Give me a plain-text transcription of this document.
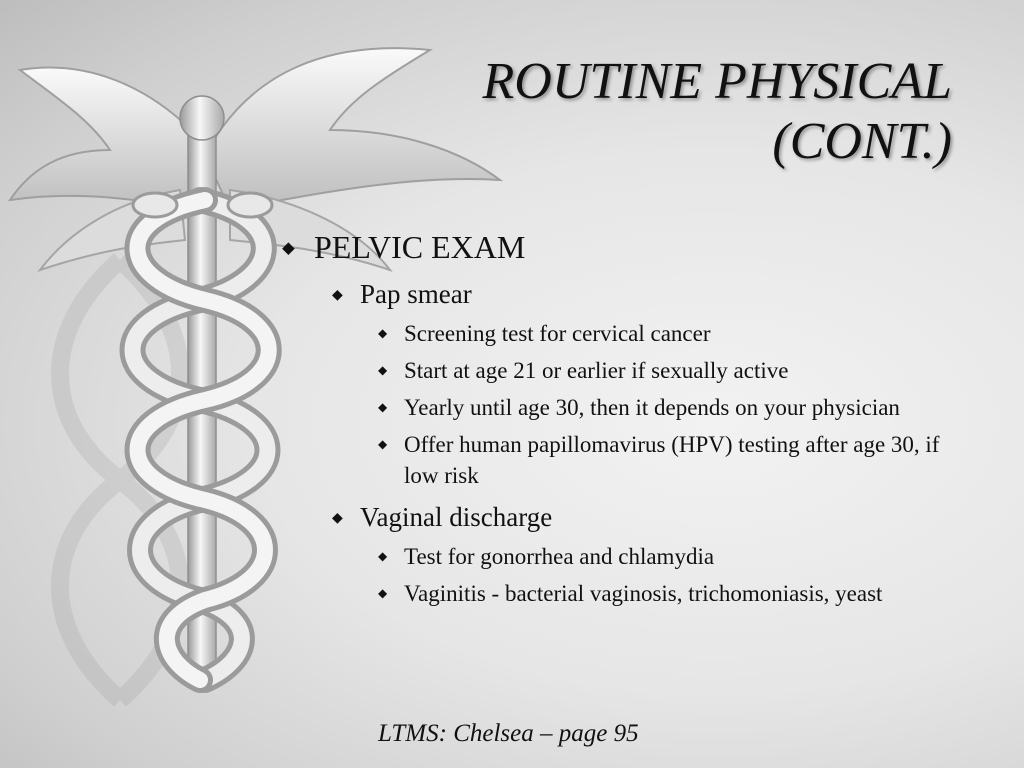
ROUTINE PHYSICAL
(CONT.)
◆ PELVIC EXAM
◆ Pap smear
◆ Screening test for cervical cancer
◆ Start at age 21 or earlier if sexually active
◆ Yearly until age 30, then it depends on your physician
◆ Offer human papillomavirus (HPV) testing after age 30, if low risk
◆ Vaginal discharge
◆ Test for gonorrhea and chlamydia
◆ Vaginitis - bacterial vaginosis, trichomoniasis, yeast
LTMS: Chelsea – page 95
